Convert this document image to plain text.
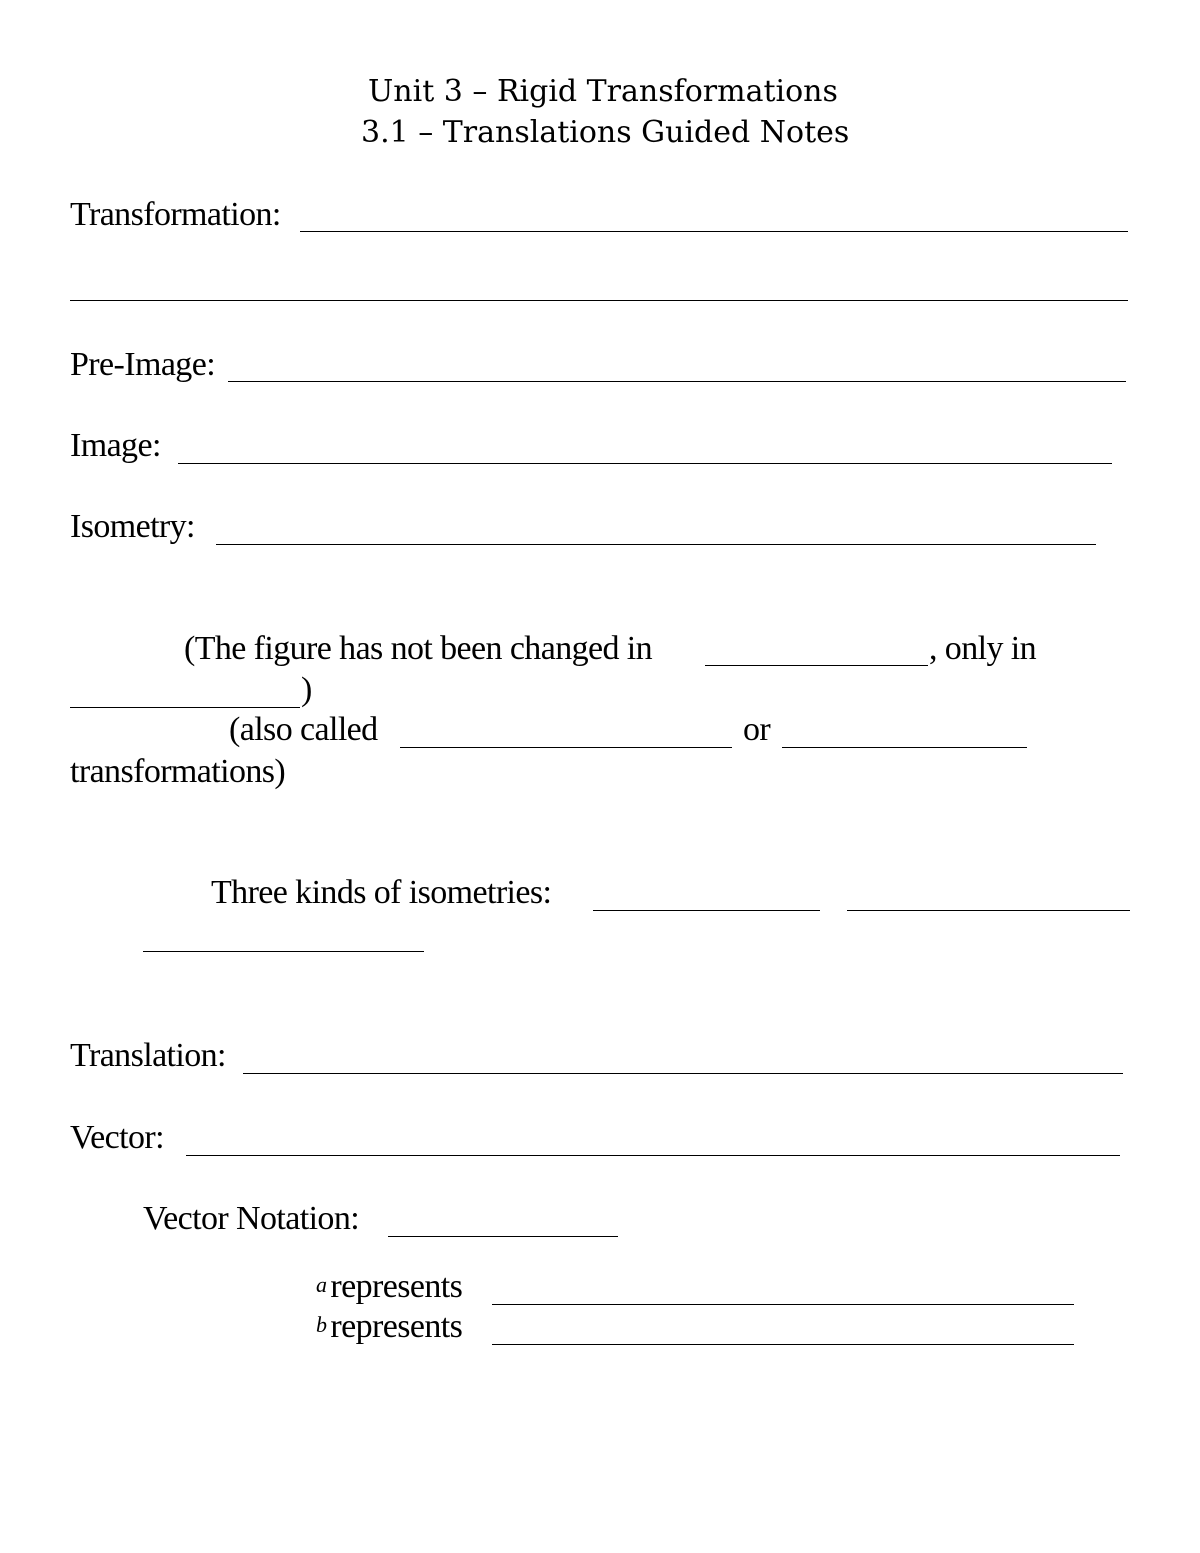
Unit 3 – Rigid Transformations
3.1 – Translations Guided Notes
Transformation:
Pre-Image:
Image:
Isometry:
(The figure has not been changed in	, only in
)
(also called	or
transformations)
Three kinds of isometries:
Translation:
Vector:
Vector Notation:
a represents
b represents
